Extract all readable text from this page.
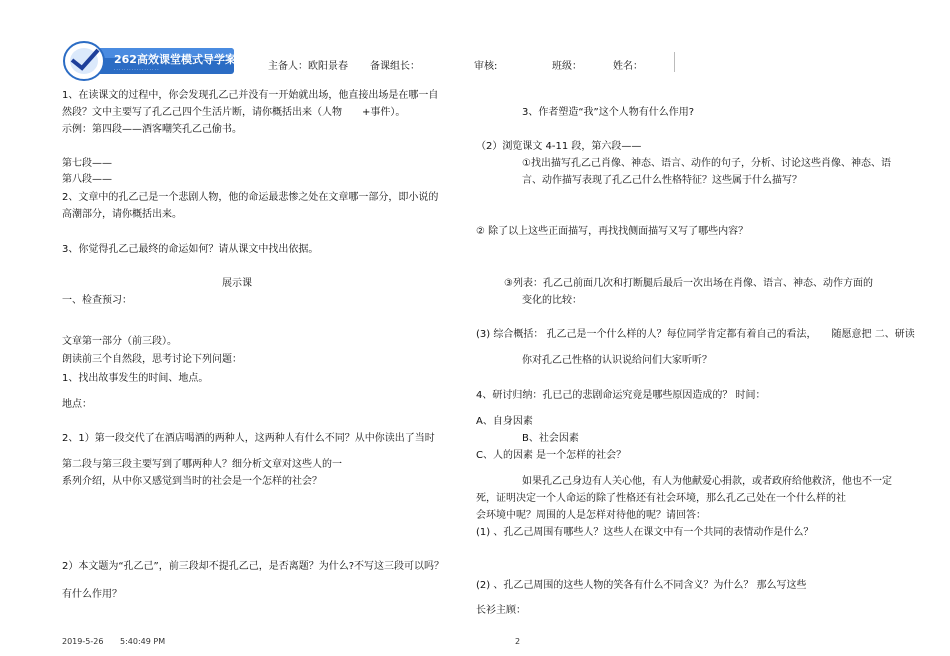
262高效课堂模式导学案
· · · · · · · · · · · · · · · · · ·	主备人：欧阳景春 备课组长：	审核:	班级：	姓名：
1、在读课文的过程中，你会发现孔乙己并没有一开始就出场，他直接出场是在哪一自
然段？文中主要写了孔乙己四个生活片断，请你概括出来（人物　　+事件）。
示例：第四段——酒客嘲笑孔乙己偷书。
第七段——
第八段——
2、文章中的孔乙己是一个悲剧人物，他的命运最悲惨之处在文章哪一部分，即小说的
高潮部分，请你概括出来。
3、你觉得孔乙己最终的命运如何？请从课文中找出依据。
展示课
一、检查预习：
文章第一部分（前三段）。
朗读前三个自然段，思考讨论下列问题：
1、找出故事发生的时间、地点。
地点：
2、1）第一段交代了在酒店喝酒的两种人，这两种人有什么不同？从中你读出了当时
第二段与第三段主要写到了哪两种人？细分析文章对这些人的一
系列介绍，从中你又感觉到当时的社会是一个怎样的社会？
2）本文题为“孔乙己”，前三段却不提孔乙己，是否离题？为什么?不写这三段可以吗？
有什么作用？
3、作者塑造“我”这个人物有什么作用?
（2）浏览课文 4-11 段，第六段——
①找出描写孔乙己肖像、神态、语言、动作的句子，分析、讨论这些肖像、神态、语
言、动作描写表现了孔乙己什么性格特征？这些属于什么描写？
② 除了以上这些正面描写，再找找侧面描写又写了哪些内容？
③列表：孔乙己前面几次和打断腿后最后一次出场在肖像、语言、神态、动作方面的
变化的比较：
(3) 综合概括： 孔乙己是一个什么样的人？每位同学肯定都有着自己的看法，　　随愿意把 二、研读
你对孔乙己性格的认识说给问们大家听听？
4、研讨归纳：孔已己的悲剧命运究竟是哪些原因造成的？ 时间：
A、自身因素
B、社会因素
C、人的因素 是一个怎样的社会？
如果孔乙己身边有人关心他，有人为他献爱心捐款，或者政府给他救济，他也不一定
死，证明决定一个人命运的除了性格还有社会环境，那么孔乙己处在一个什么样的社
会环境中呢？周围的人是怎样对待他的呢？请回答：
(1) 、孔乙己周围有哪些人？这些人在课文中有一个共同的表情动作是什么？
(2) 、孔乙己周围的这些人物的笑各有什么不同含义？为什么？ 那么写这些
长衫主顾：
2019-5-26 5:40:49 PM	2
